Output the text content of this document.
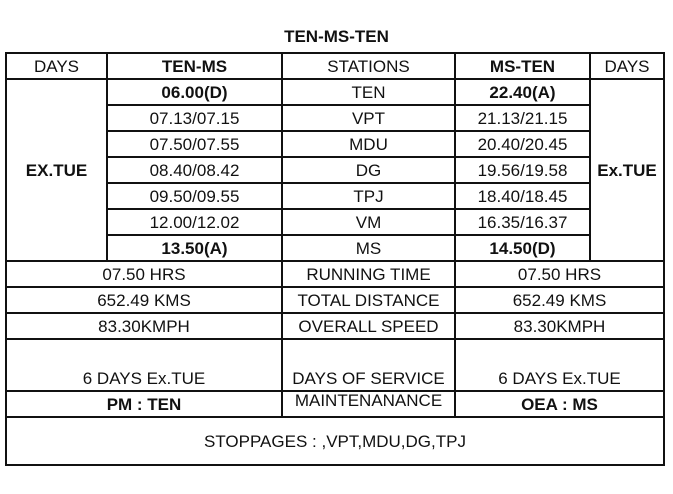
TEN-MS-TEN
DAYS	TEN-MS	STATIONS	MS-TEN	DAYS
EX.TUE	06.00(D)	TEN	22.40(A)	Ex.TUE
	07.13/07.15	VPT	21.13/21.15	
	07.50/07.55	MDU	20.40/20.45	
	08.40/08.42	DG	19.56/19.58	
	09.50/09.55	TPJ	18.40/18.45	
	12.00/12.02	VM	16.35/16.37	
	13.50(A)	MS	14.50(D)	
07.50 HRS		RUNNING TIME	07.50 HRS	
652.49 KMS		TOTAL DISTANCE	652.49 KMS	
83.30KMPH		OVERALL SPEED	83.30KMPH	
6 DAYS Ex.TUE		DAYS OF SERVICE	6 DAYS Ex.TUE	
PM : TEN		MAINTENANANCE	OEA : MS	
STOPPAGES : ,VPT,MDU,DG,TPJ				
